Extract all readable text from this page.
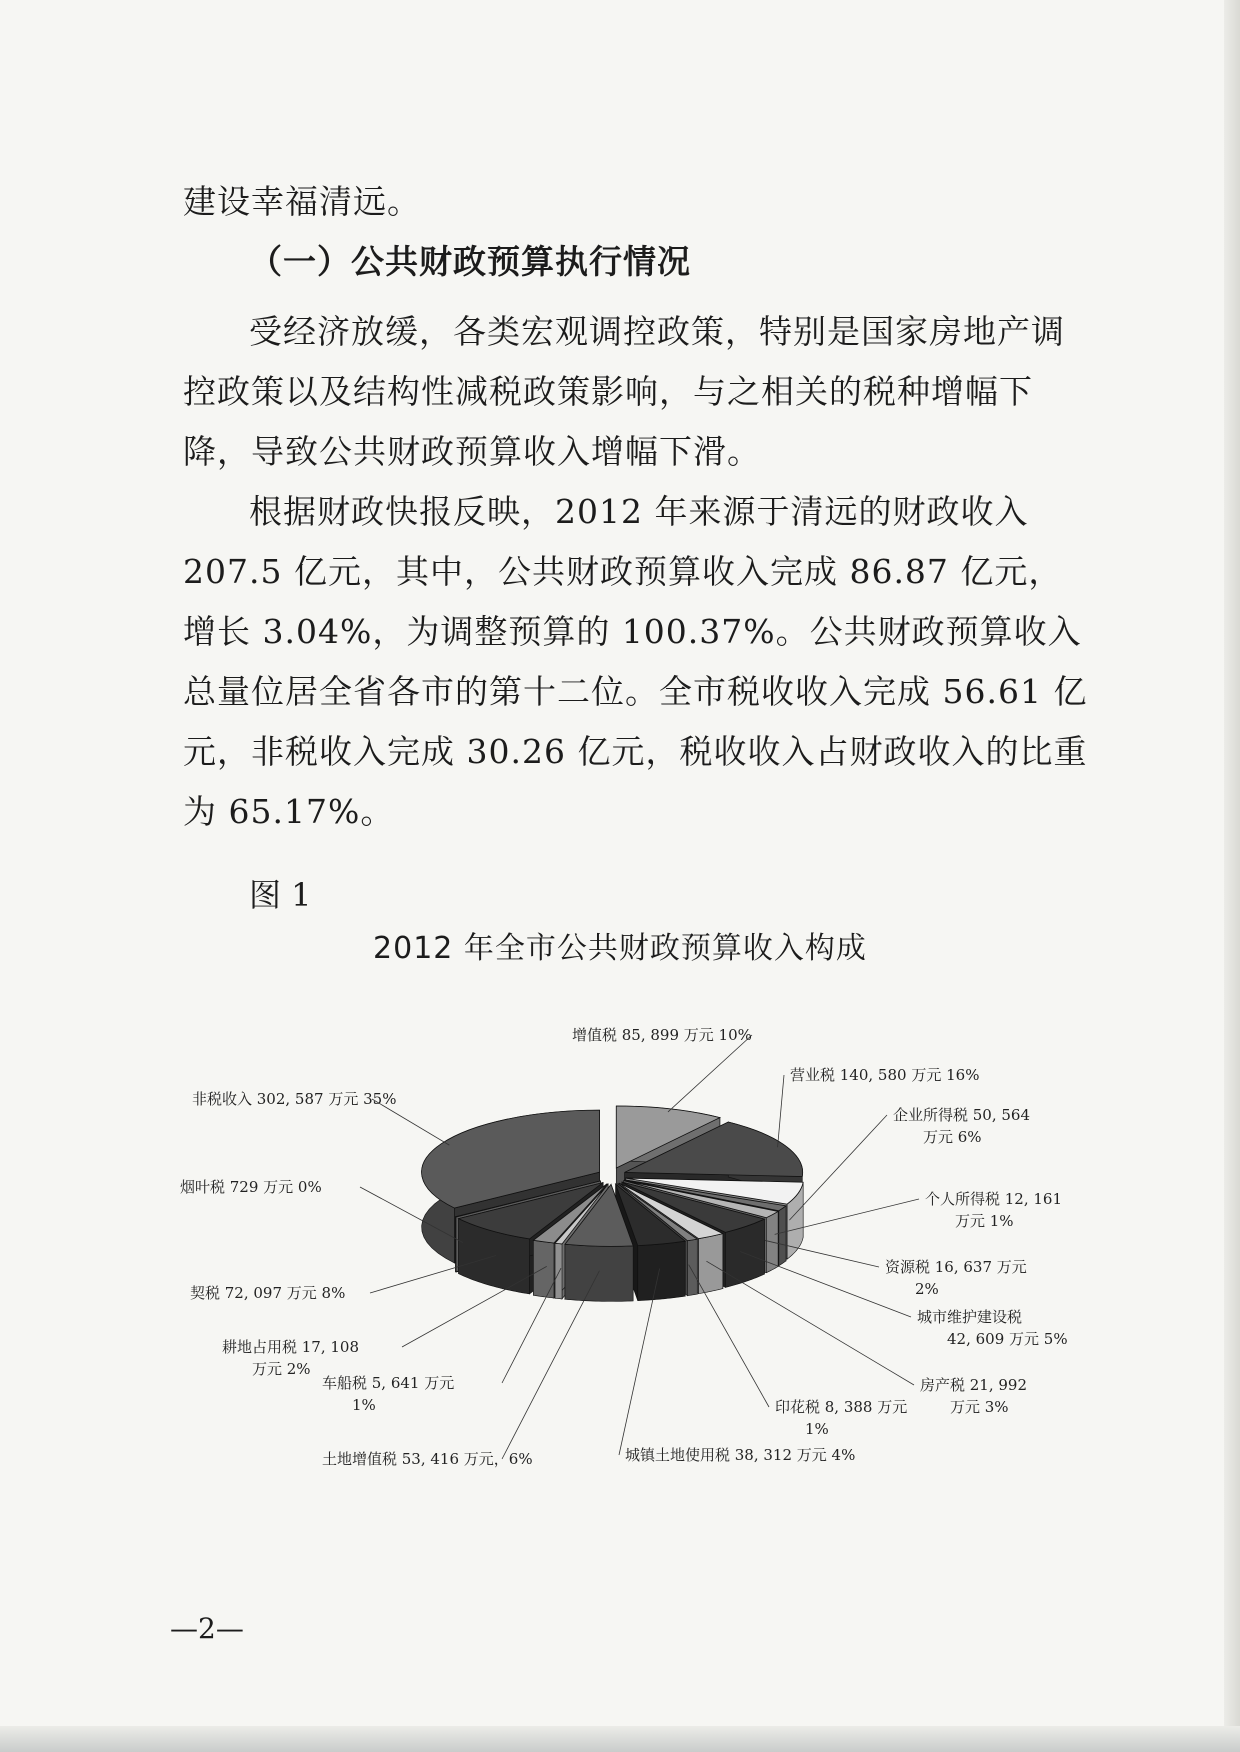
建设幸福清远。

（一）公共财政预算执行情况

受经济放缓，各类宏观调控政策，特别是国家房地产调控政策以及结构性减税政策影响，与之相关的税种增幅下降，导致公共财政预算收入增幅下滑。

根据财政快报反映，2012 年来源于清远的财政收入 207.5 亿元，其中，公共财政预算收入完成 86.87 亿元，增长 3.04%，为调整预算的 100.37%。公共财政预算收入总量位居全省各市的第十二位。全市税收收入完成 56.61 亿元，非税收入完成 30.26 亿元，税收收入占财政收入的比重为 65.17%。

图 1
2012 年全市公共财政预算收入构成
增值税 85, 899 万元 10%
营业税 140, 580 万元 16%
企业所得税 50, 564 万元 6%
个人所得税 12, 161 万元 1%
资源税 16, 637 万元 2%
城市维护建设税 42, 609 万元 5%
房产税 21, 992 万元 3%
印花税 8, 388 万元 1%
城镇土地使用税 38, 312 万元 4%
土地增值税 53, 416 万元，6%
车船税 5, 641 万元 1%
耕地占用税 17, 108 万元 2%
契税 72, 097 万元 8%
烟叶税 729 万元 0%
非税收入 302, 587 万元 35%
—2—
